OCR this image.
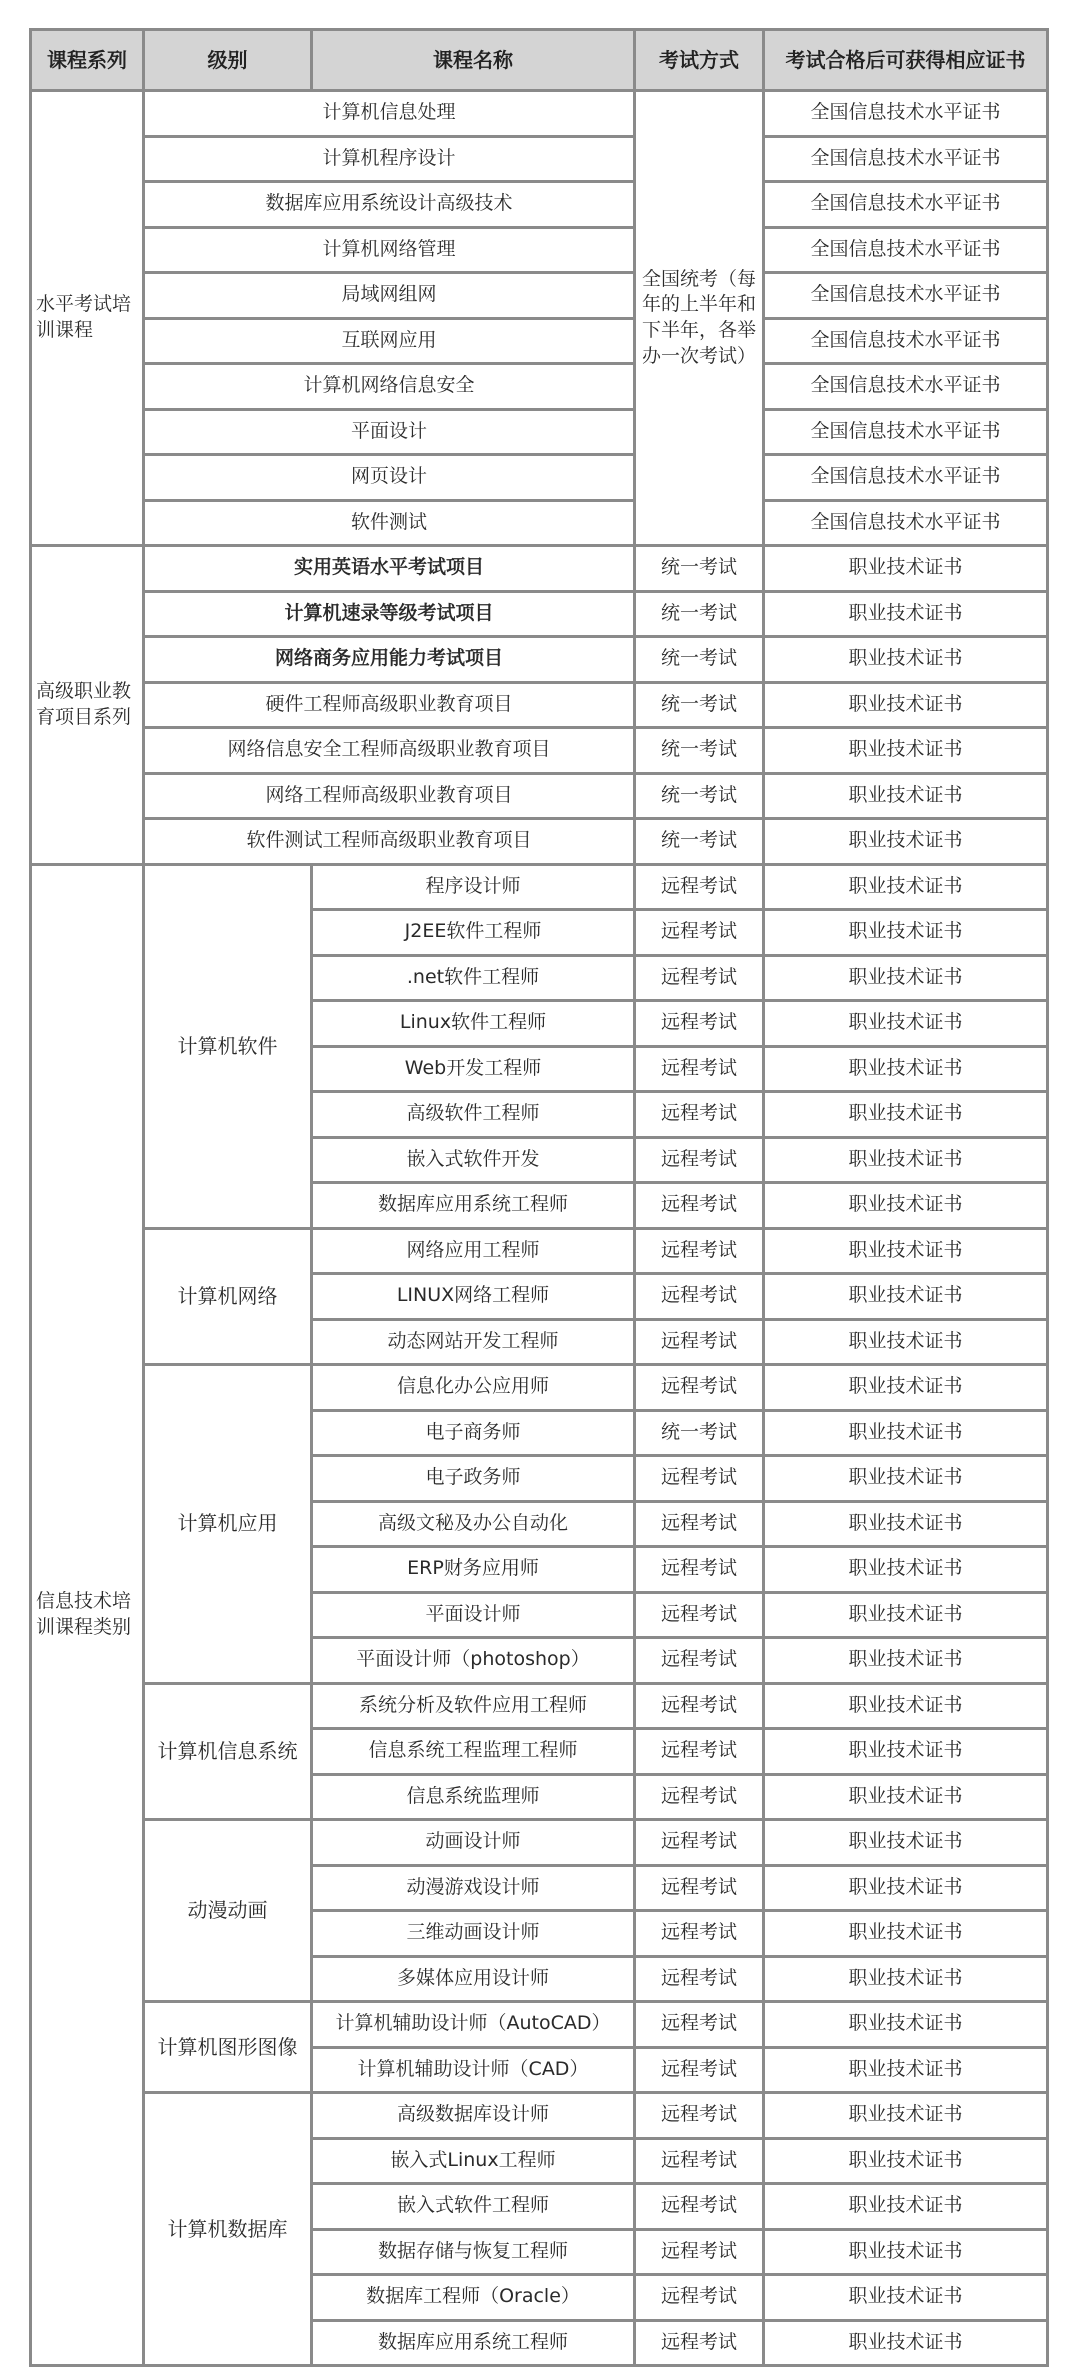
课程系列	级别	课程名称	考试方式	考试合格后可获得相应证书
水平考试培训课程	计算机信息处理		全国统考（每年的上半年和下半年，各举办一次考试）	全国信息技术水平证书
	计算机程序设计			全国信息技术水平证书
	数据库应用系统设计高级技术			全国信息技术水平证书
	计算机网络管理			全国信息技术水平证书
	局域网组网			全国信息技术水平证书
	互联网应用			全国信息技术水平证书
	计算机网络信息安全			全国信息技术水平证书
	平面设计			全国信息技术水平证书
	网页设计			全国信息技术水平证书
	软件测试			全国信息技术水平证书
高级职业教育项目系列	实用英语水平考试项目		统一考试	职业技术证书
	计算机速录等级考试项目		统一考试	职业技术证书
	网络商务应用能力考试项目		统一考试	职业技术证书
	硬件工程师高级职业教育项目		统一考试	职业技术证书
	网络信息安全工程师高级职业教育项目		统一考试	职业技术证书
	网络工程师高级职业教育项目		统一考试	职业技术证书
	软件测试工程师高级职业教育项目		统一考试	职业技术证书
信息技术培训课程类别	计算机软件	程序设计师	远程考试	职业技术证书
		J2EE软件工程师	远程考试	职业技术证书
		.net软件工程师	远程考试	职业技术证书
		Linux软件工程师	远程考试	职业技术证书
		Web开发工程师	远程考试	职业技术证书
		高级软件工程师	远程考试	职业技术证书
		嵌入式软件开发	远程考试	职业技术证书
		数据库应用系统工程师	远程考试	职业技术证书
	计算机网络	网络应用工程师	远程考试	职业技术证书
		LINUX网络工程师	远程考试	职业技术证书
		动态网站开发工程师	远程考试	职业技术证书
	计算机应用	信息化办公应用师	远程考试	职业技术证书
		电子商务师	统一考试	职业技术证书
		电子政务师	远程考试	职业技术证书
		高级文秘及办公自动化	远程考试	职业技术证书
		ERP财务应用师	远程考试	职业技术证书
		平面设计师	远程考试	职业技术证书
		平面设计师（photoshop）	远程考试	职业技术证书
	计算机信息系统	系统分析及软件应用工程师	远程考试	职业技术证书
		信息系统工程监理工程师	远程考试	职业技术证书
		信息系统监理师	远程考试	职业技术证书
	动漫动画	动画设计师	远程考试	职业技术证书
		动漫游戏设计师	远程考试	职业技术证书
		三维动画设计师	远程考试	职业技术证书
		多媒体应用设计师	远程考试	职业技术证书
	计算机图形图像	计算机辅助设计师（AutoCAD）	远程考试	职业技术证书
		计算机辅助设计师（CAD）	远程考试	职业技术证书
	计算机数据库	高级数据库设计师	远程考试	职业技术证书
		嵌入式Linux工程师	远程考试	职业技术证书
		嵌入式软件工程师	远程考试	职业技术证书
		数据存储与恢复工程师	远程考试	职业技术证书
		数据库工程师（Oracle）	远程考试	职业技术证书
		数据库应用系统工程师	远程考试	职业技术证书
